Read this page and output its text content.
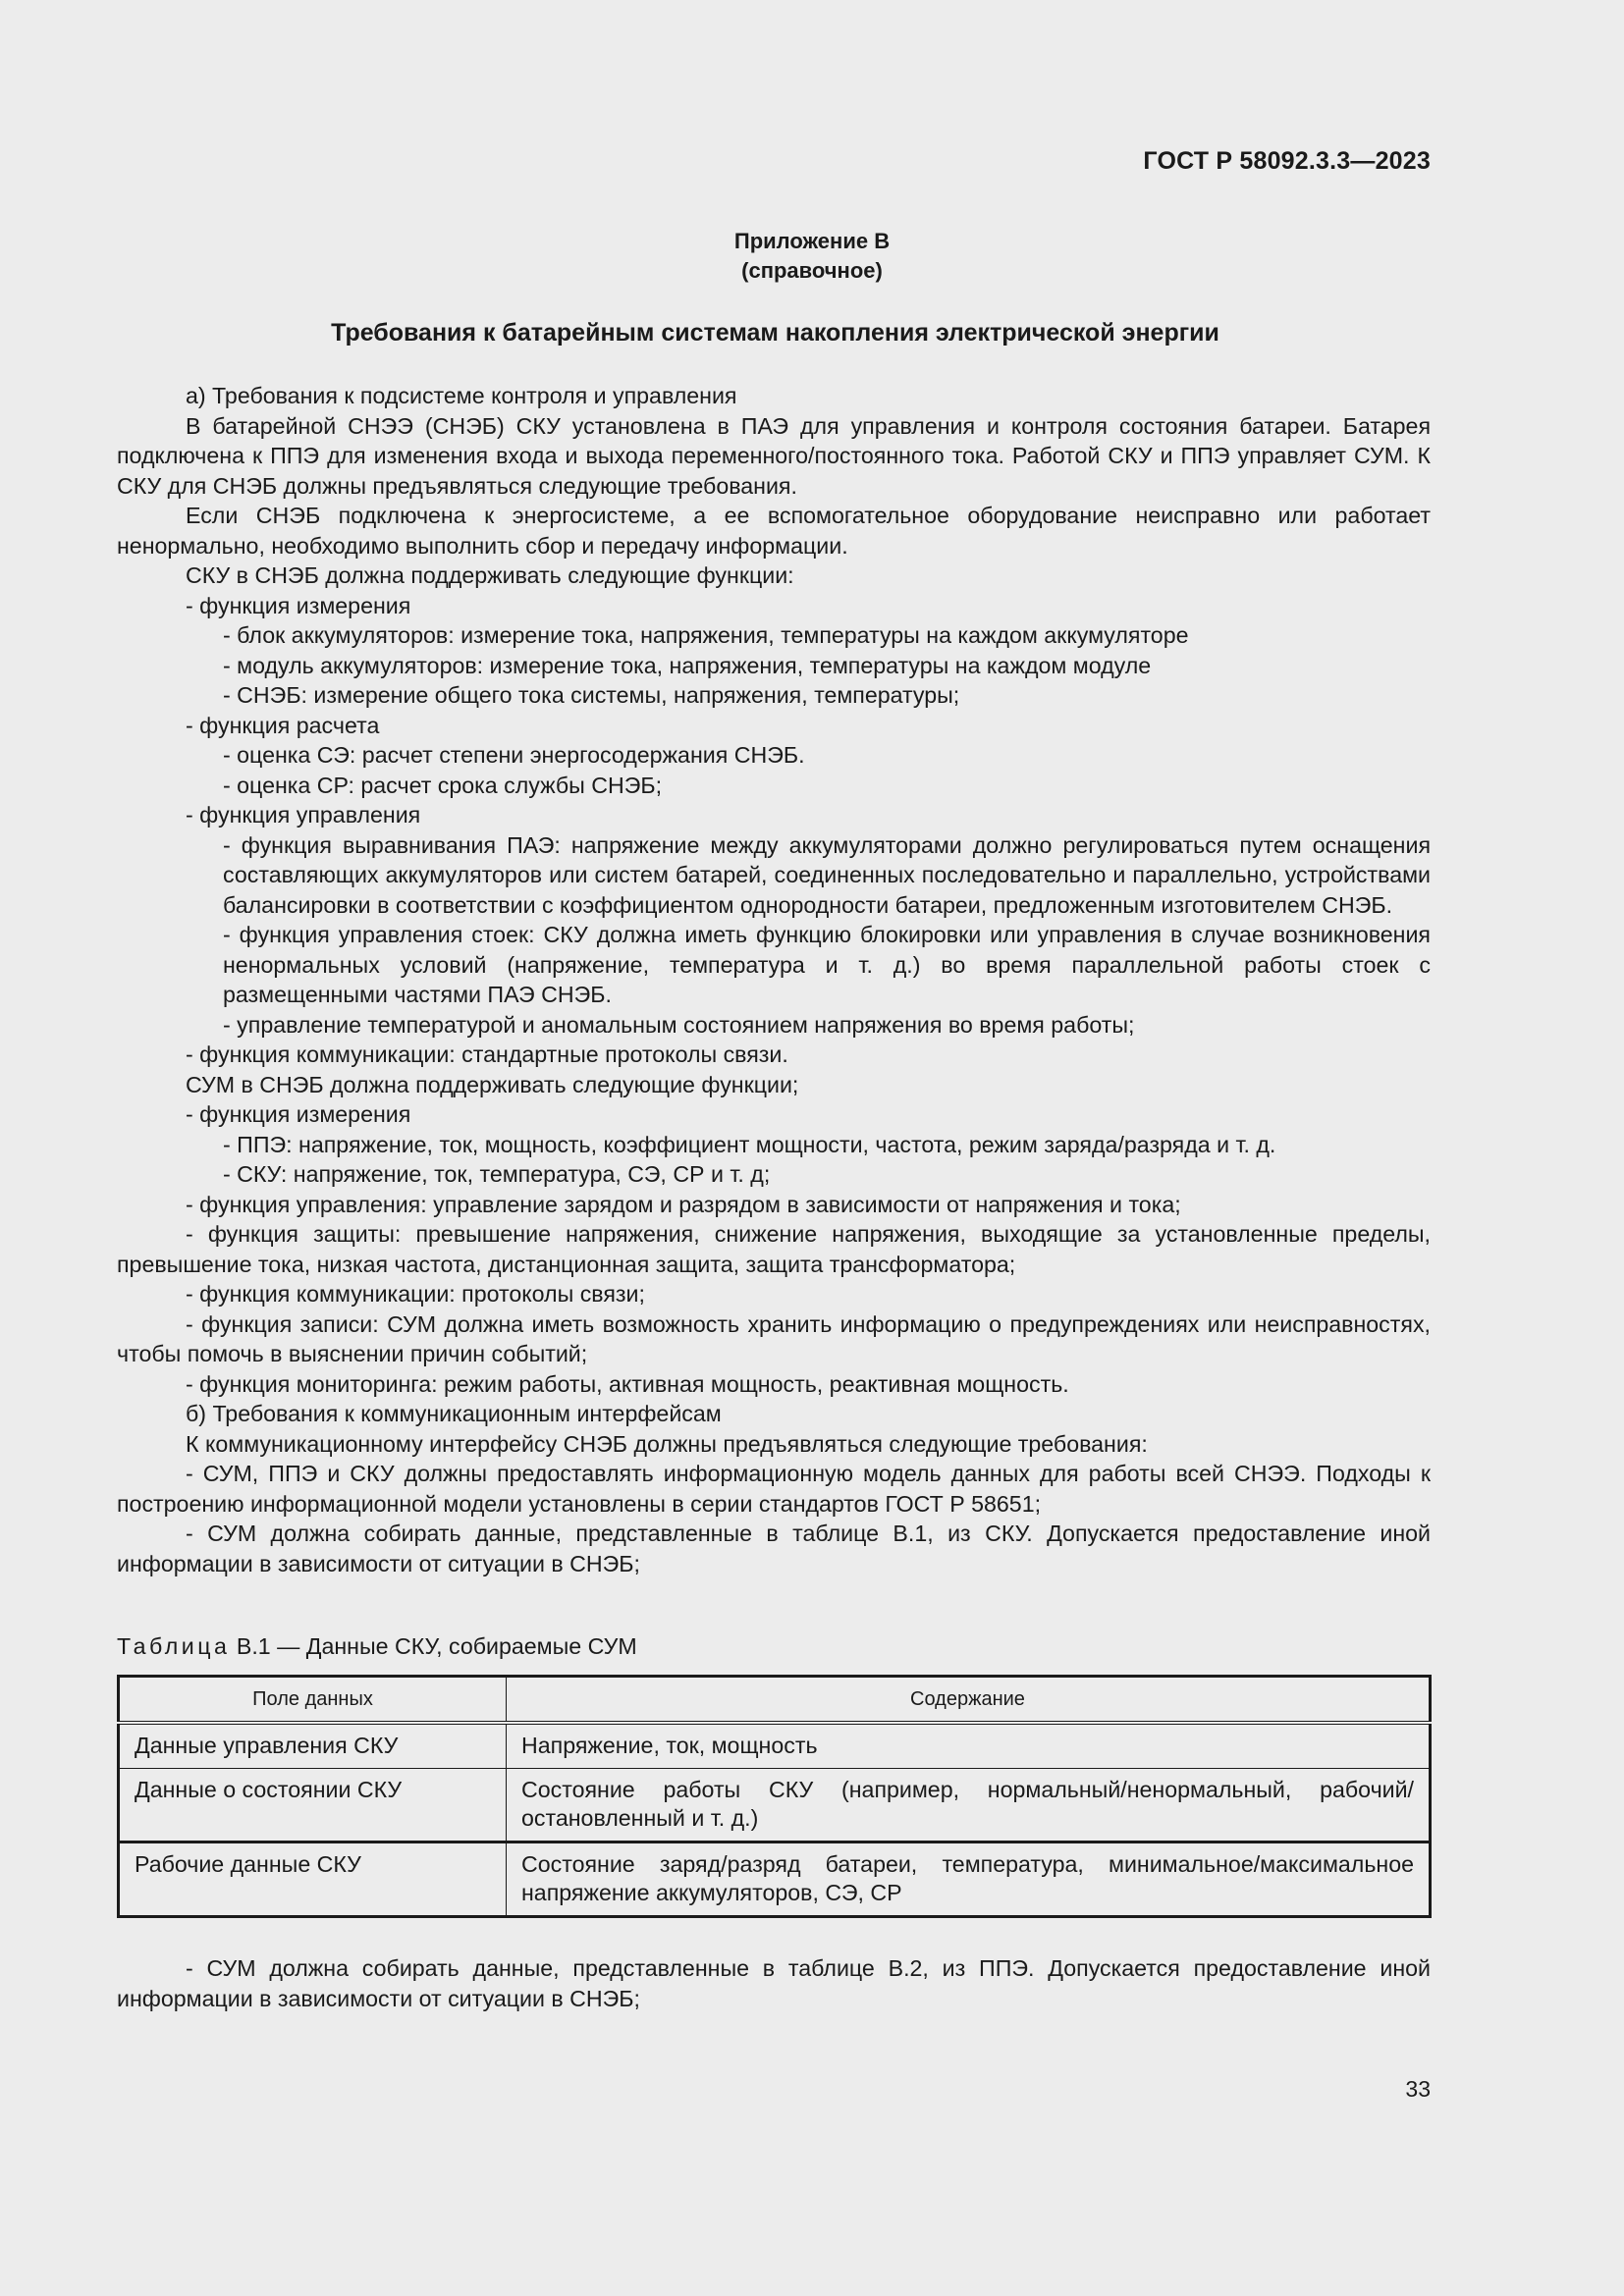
ГОСТ Р 58092.3.3—2023
Приложение В
(справочное)
Требования к батарейным системам накопления электрической энергии

а) Требования к подсистеме контроля и управления

В батарейной СНЭЭ (СНЭБ) СКУ установлена в ПАЭ для управления и контроля состояния батареи. Батарея подключена к ППЭ для изменения входа и выхода переменного/постоянного тока. Работой СКУ и ППЭ управляет СУМ. К СКУ для СНЭБ должны предъявляться следующие требования.

Если СНЭБ подключена к энергосистеме, а ее вспомогательное оборудование неисправно или работает ненормально, необходимо выполнить сбор и передачу информации.

СКУ в СНЭБ должна поддерживать следующие функции:

- функция измерения

- блок аккумуляторов: измерение тока, напряжения, температуры на каждом аккумуляторе

- модуль аккумуляторов: измерение тока, напряжения, температуры на каждом модуле

- СНЭБ: измерение общего тока системы, напряжения, температуры;

- функция расчета

- оценка СЭ: расчет степени энергосодержания СНЭБ.

- оценка СР: расчет срока службы СНЭБ;

- функция управления

- функция выравнивания ПАЭ: напряжение между аккумуляторами должно регулироваться путем оснащения составляющих аккумуляторов или систем батарей, соединенных последовательно и параллельно, устройствами балансировки в соответствии с коэффициентом однородности батареи, предложенным изготовителем СНЭБ.

- функция управления стоек: СКУ должна иметь функцию блокировки или управления в случае возникновения ненормальных условий (напряжение, температура и т. д.) во время параллельной работы стоек с размещенными частями ПАЭ СНЭБ.

- управление температурой и аномальным состоянием напряжения во время работы;

- функция коммуникации: стандартные протоколы связи.

СУМ в СНЭБ должна поддерживать следующие функции;

- функция измерения

- ППЭ: напряжение, ток, мощность, коэффициент мощности, частота, режим заряда/разряда и т. д.

- СКУ: напряжение, ток, температура, СЭ, СР и т. д;

- функция управления: управление зарядом и разрядом в зависимости от напряжения и тока;

- функция защиты: превышение напряжения, снижение напряжения, выходящие за установленные пределы, превышение тока, низкая частота, дистанционная защита, защита трансформатора;

- функция коммуникации: протоколы связи;

- функция записи: СУМ должна иметь возможность хранить информацию о предупреждениях или неисправностях, чтобы помочь в выяснении причин событий;

- функция мониторинга: режим работы, активная мощность, реактивная мощность.

б) Требования к коммуникационным интерфейсам

К коммуникационному интерфейсу СНЭБ должны предъявляться следующие требования:

- СУМ, ППЭ и СКУ должны предоставлять информационную модель данных для работы всей СНЭЭ. Подходы к построению информационной модели установлены в серии стандартов ГОСТ Р 58651;

- СУМ должна собирать данные, представленные в таблице В.1, из СКУ. Допускается предоставление иной информации в зависимости от ситуации в СНЭБ;

Таблица В.1 — Данные СКУ, собираемые СУМ
Поле данных	Содержание
Данные управления СКУ	Напряжение, ток, мощность
Данные о состоянии СКУ	Состояние работы СКУ (например, нормальный/ненормальный, рабочий/остановленный и т. д.)
Рабочие данные СКУ	Состояние заряд/разряд батареи, температура, минимальное/максимальное напряжение аккумуляторов, СЭ, СР

- СУМ должна собирать данные, представленные в таблице В.2, из ППЭ. Допускается предоставление иной информации в зависимости от ситуации в СНЭБ;

33
